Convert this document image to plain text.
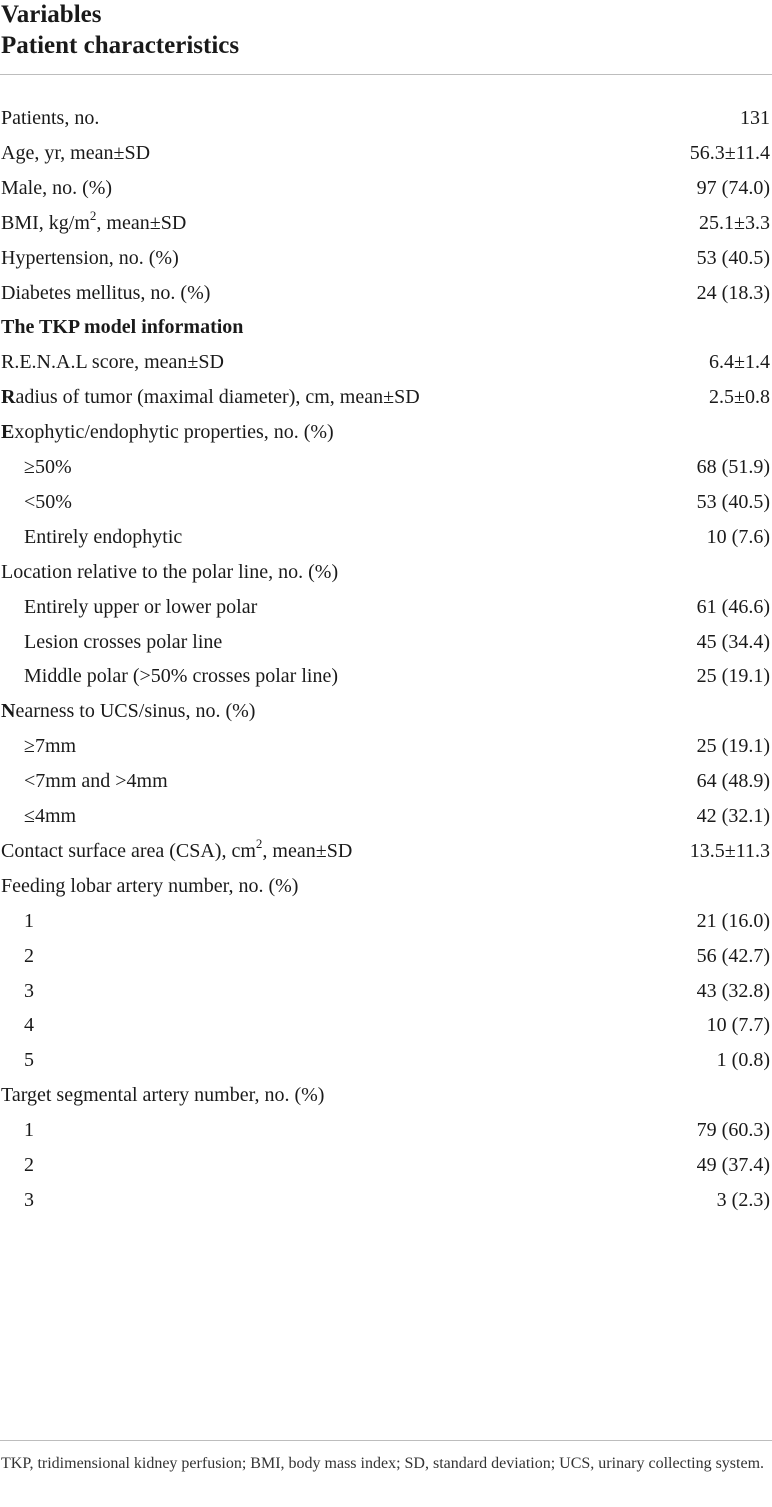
Variables
Patient characteristics
Patients, no.	131
Age, yr, mean±SD	56.3±11.4
Male, no. (%)	97 (74.0)
BMI, $kg/m^2$, mean±SD	25.1±3.3
Hypertension, no. (%)	53 (40.5)
Diabetes mellitus, no. (%)	24 (18.3)
The TKP model information
R.E.N.A.L score, mean±SD	6.4±1.4
Radius of tumor (maximal diameter), cm, mean±SD	2.5±0.8
Exophytic/endophytic properties, no. (%)
≥50%	68 (51.9)
<50%	53 (40.5)
Entirely endophytic	10 (7.6)
Location relative to the polar line, no. (%)
Entirely upper or lower polar	61 (46.6)
Lesion crosses polar line	45 (34.4)
Middle polar (>50% crosses polar line)	25 (19.1)
Nearness to UCS/sinus, no. (%)
≥7mm	25 (19.1)
<7mm and >4mm	64 (48.9)
≤4mm	42 (32.1)
Contact surface area (CSA), $cm^2$, mean±SD	13.5±11.3
Feeding lobar artery number, no. (%)
1	21 (16.0)
2	56 (42.7)
3	43 (32.8)
4	10 (7.7)
5	1 (0.8)
Target segmental artery number, no. (%)
1	79 (60.3)
2	49 (37.4)
3	3 (2.3)
TKP, tridimensional kidney perfusion; BMI, body mass index; SD, standard deviation; UCS, urinary collecting system.
